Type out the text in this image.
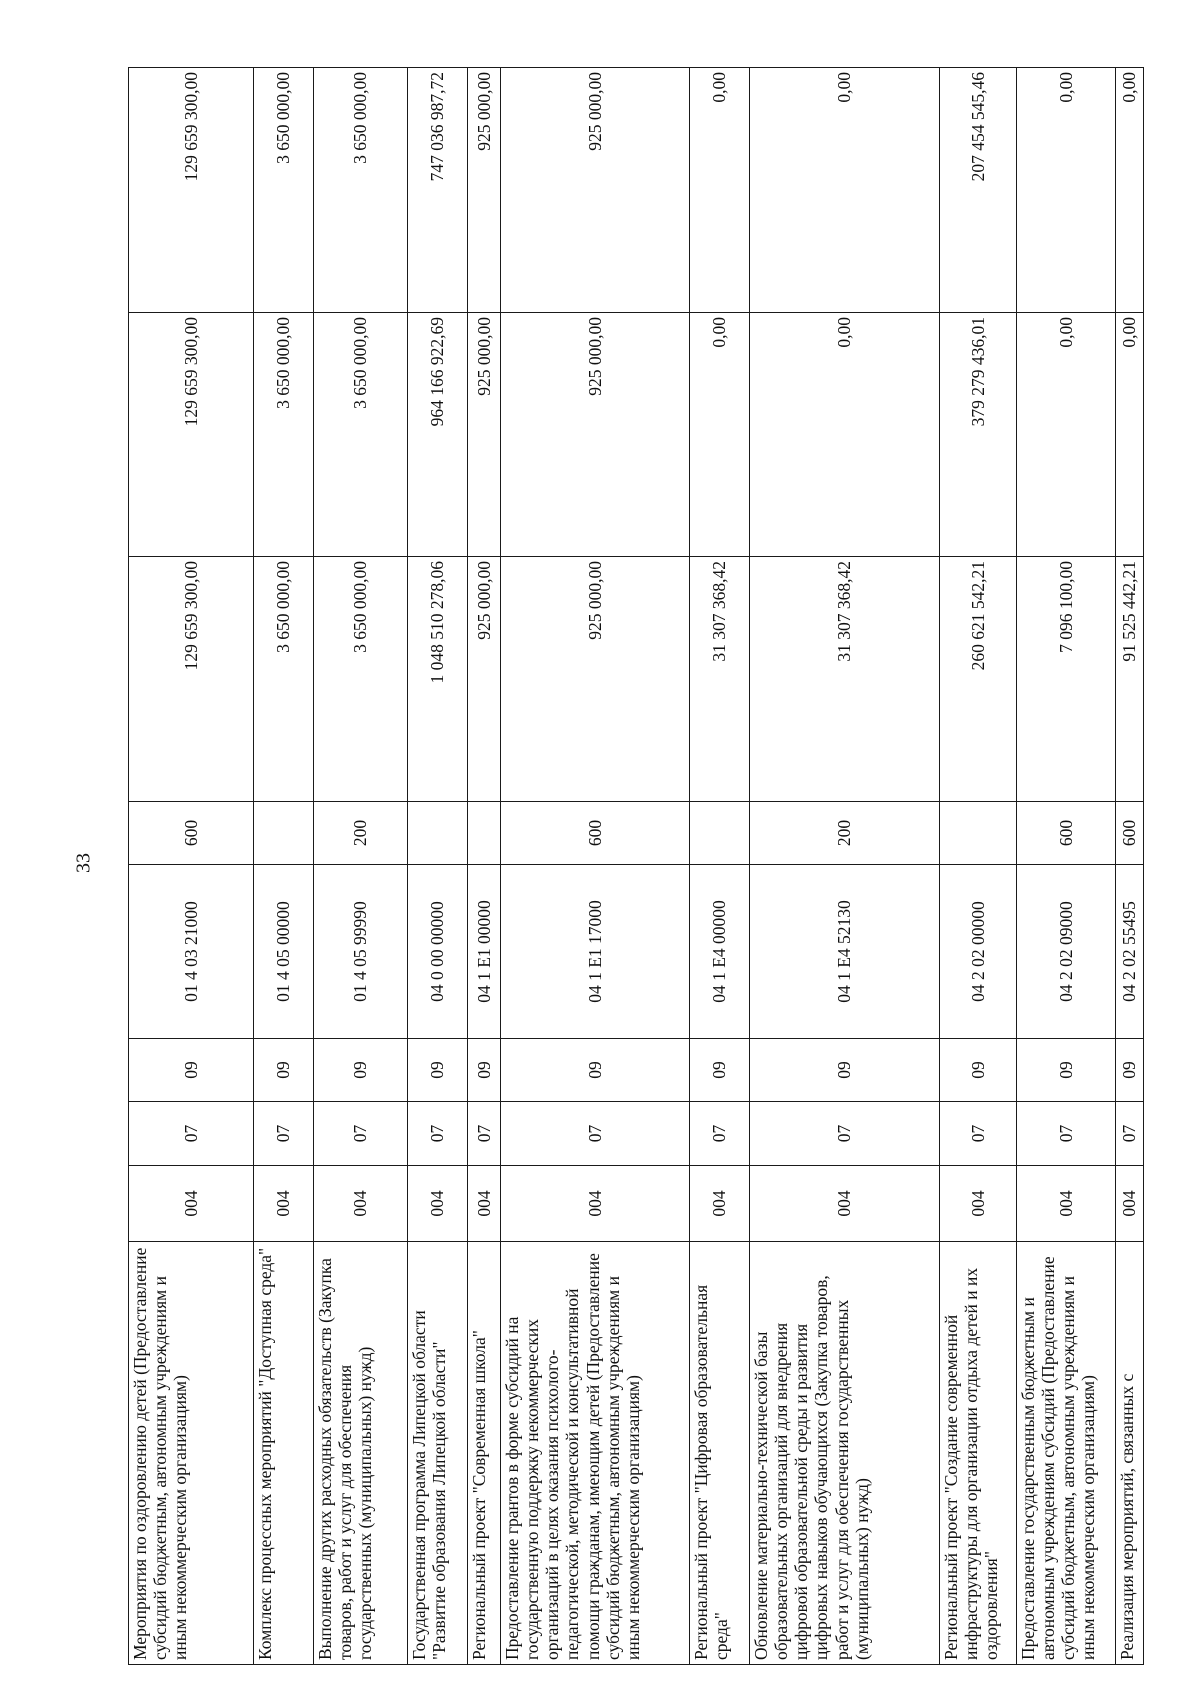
33
Мероприятия по оздоровлению детей (Предоставление субсидий бюджетным, автономным учреждениям и иным некоммерческим организациям)	004	07	09	01 4 03 21000	600	129 659 300,00	129 659 300,00	129 659 300,00
Комплекс процессных мероприятий "Доступная среда"	004	07	09	01 4 05 00000		3 650 000,00	3 650 000,00	3 650 000,00
Выполнение других расходных обязательств (Закупка товаров, работ и услуг для обеспечения государственных (муниципальных) нужд)	004	07	09	01 4 05 99990	200	3 650 000,00	3 650 000,00	3 650 000,00
Государственная программа Липецкой области "Развитие образования Липецкой области"	004	07	09	04 0 00 00000		1 048 510 278,06	964 166 922,69	747 036 987,72
Региональный проект "Современная школа"	004	07	09	04 1 E1 00000		925 000,00	925 000,00	925 000,00
Предоставление грантов в форме субсидий на государственную поддержку некоммерческих организаций в целях оказания психолого-педагогической, методической и консультативной помощи гражданам, имеющим детей (Предоставление субсидий бюджетным, автономным учреждениям и иным некоммерческим организациям)	004	07	09	04 1 E1 17000	600	925 000,00	925 000,00	925 000,00
Региональный проект "Цифровая образовательная среда"	004	07	09	04 1 E4 00000		31 307 368,42	0,00	0,00
Обновление материально-технической базы образовательных организаций для внедрения цифровой образовательной среды и развития цифровых навыков обучающихся (Закупка товаров, работ и услуг для обеспечения государственных (муниципальных) нужд)	004	07	09	04 1 E4 52130	200	31 307 368,42	0,00	0,00
Региональный проект "Создание современной инфраструктуры для организации отдыха детей и их оздоровления"	004	07	09	04 2 02 00000		260 621 542,21	379 279 436,01	207 454 545,46
Предоставление государственным бюджетным и автономным учреждениям субсидий (Предоставление субсидий бюджетным, автономным учреждениям и иным некоммерческим организациям)	004	07	09	04 2 02 09000	600	7 096 100,00	0,00	0,00
Реализация мероприятий, связанных с	004	07	09	04 2 02 55495	600	91 525 442,21	0,00	0,00
